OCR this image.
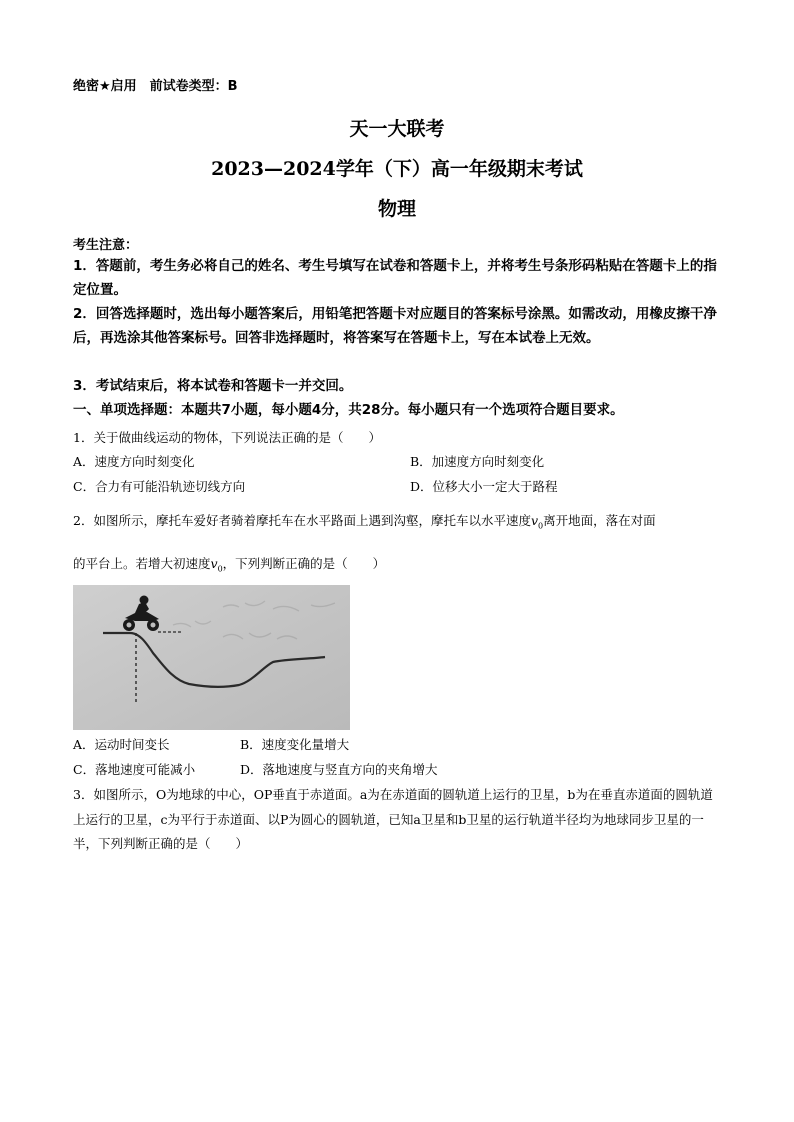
绝密★启用　前试卷类型：B
天一大联考
2023—2024学年（下）高一年级期末考试
物理
考生注意：

1．答题前，考生务必将自己的姓名、考生号填写在试卷和答题卡上，并将考生号条形码粘贴在答题卡上的指定位置。

2．回答选择题时，选出每小题答案后，用铅笔把答题卡对应题目的答案标号涂黑。如需改动，用橡皮擦干净后，再选涂其他答案标号。回答非选择题时，将答案写在答题卡上，写在本试卷上无效。

3．考试结束后，将本试卷和答题卡一并交回。

一、单项选择题：本题共7小题，每小题4分，共28分。每小题只有一个选项符合题目要求。

1．关于做曲线运动的物体，下列说法正确的是（　　）
A．速度方向时刻变化	B．加速度方向时刻变化
C．合力有可能沿轨迹切线方向	D．位移大小一定大于路程
2．如图所示，摩托车爱好者骑着摩托车在水平路面上遇到沟壑，摩托车以水平速度$v_0$离开地面，落在对面
的平台上。若增大初速度$v_0$，下列判断正确的是（　　）
A．运动时间变长	B．速度变化量增大
C．落地速度可能减小	D．落地速度与竖直方向的夹角增大

3．如图所示，O为地球的中心，OP垂直于赤道面。a为在赤道面的圆轨道上运行的卫星，b为在垂直赤道面的圆轨道上运行的卫星，c为平行于赤道面、以P为圆心的圆轨道，已知a卫星和b卫星的运行轨道半径均为地球同步卫星的一半，下列判断正确的是（　　）
